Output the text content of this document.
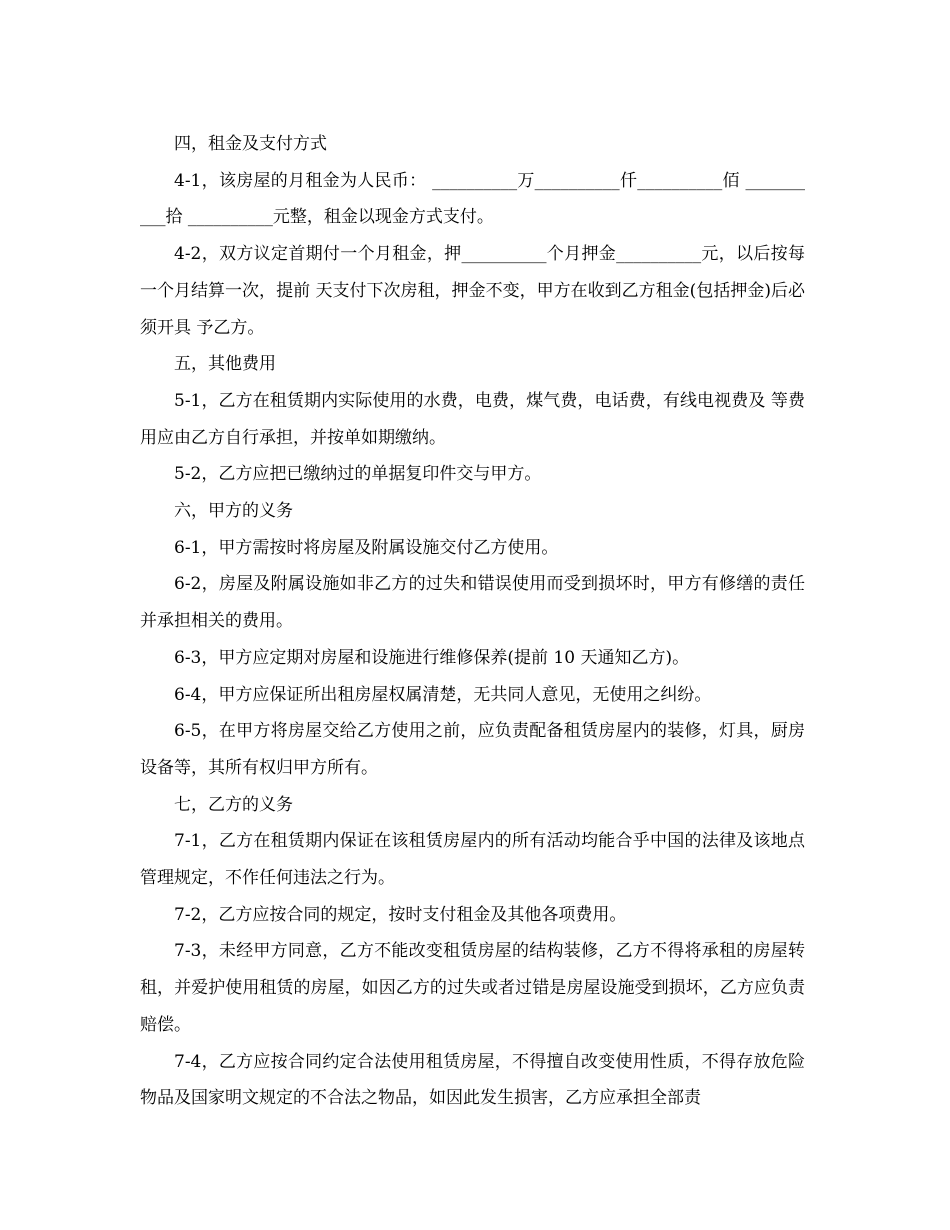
四，租金及支付方式

4-1，该房屋的月租金为人民币： __________万__________仟__________佰 __________拾 __________元整，租金以现金方式支付。

4-2，双方议定首期付一个月租金，押__________个月押金__________元，以后按每一个月结算一次，提前 天支付下次房租，押金不变，甲方在收到乙方租金(包括押金)后必须开具 予乙方。

五，其他费用

5-1，乙方在租赁期内实际使用的水费，电费，煤气费，电话费，有线电视费及 等费用应由乙方自行承担，并按单如期缴纳。

5-2，乙方应把已缴纳过的单据复印件交与甲方。

六，甲方的义务

6-1，甲方需按时将房屋及附属设施交付乙方使用。

6-2，房屋及附属设施如非乙方的过失和错误使用而受到损坏时，甲方有修缮的责任并承担相关的费用。

6-3，甲方应定期对房屋和设施进行维修保养(提前 10 天通知乙方)。

6-4，甲方应保证所出租房屋权属清楚，无共同人意见，无使用之纠纷。

6-5，在甲方将房屋交给乙方使用之前，应负责配备租赁房屋内的装修，灯具，厨房设备等，其所有权归甲方所有。

七，乙方的义务

7-1，乙方在租赁期内保证在该租赁房屋内的所有活动均能合乎中国的法律及该地点管理规定，不作任何违法之行为。

7-2，乙方应按合同的规定，按时支付租金及其他各项费用。

7-3，未经甲方同意，乙方不能改变租赁房屋的结构装修，乙方不得将承租的房屋转租，并爱护使用租赁的房屋，如因乙方的过失或者过错是房屋设施受到损坏，乙方应负责赔偿。

7-4，乙方应按合同约定合法使用租赁房屋，不得擅自改变使用性质，不得存放危险物品及国家明文规定的不合法之物品，如因此发生损害，乙方应承担全部责
